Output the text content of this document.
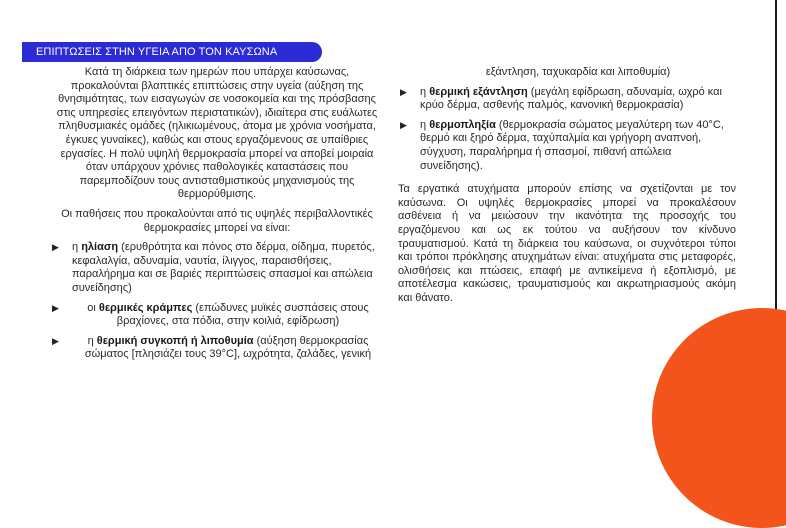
ΕΠΙΠΤΩΣΕΙΣ ΣΤΗΝ ΥΓΕΙΑ ΑΠΟ ΤΟΝ ΚΑΥΣΩΝΑ

Κατά τη διάρκεια των ημερών που υπάρχει καύσωνας, προκαλούνται βλαπτικές επιπτώσεις στην υγεία (αύξηση της θνησιμότητας, των εισαγωγών σε νοσοκομεία και της πρόσβασης στις υπηρεσίες επειγόντων περιστατικών), ιδιαίτερα στις ευάλωτες πληθυσμιακές ομάδες (ηλικιωμένους, άτομα με χρόνια νοσήματα, έγκυες γυναίκες), καθώς και στους εργαζόμενους σε υπαίθριες εργασίες. Η πολύ υψηλή θερμοκρασία μπορεί να αποβεί μοιραία όταν υπάρχουν χρόνιες παθολογικές καταστάσεις που παρεμποδίζουν τους αντισταθμιστικούς μηχανισμούς της θερμορύθμισης.

Οι παθήσεις που προκαλούνται από τις υψηλές περιβαλλοντικές θερμοκρασίες μπορεί να είναι:

▶ η ηλίαση (ερυθρότητα και πόνος στο δέρμα, οίδημα, πυρετός, κεφαλαλγία, αδυναμία, ναυτία, ίλιγγος, παραισθήσεις, παραλήρημα και σε βαριές περιπτώσεις σπασμοί και απώλεια συνείδησης)
▶	οι θερμικές κράμπες (επώδυνες μυϊκές συσπάσεις στους βραχίονες, στα πόδια, στην κοιλιά, εφίδρωση)
▶	η θερμική συγκοπή ή λιποθυμία (αύξηση θερμοκρασίας σώματος [πλησιάζει τους 39°C], ωχρότητα, ζαλάδες, γενική

εξάντληση, ταχυκαρδία και λιποθυμία)

▶ η θερμική εξάντληση (μεγάλη εφίδρωση, αδυναμία, ωχρό και κρύο δέρμα, ασθενής παλμός, κανονική θερμοκρασία)
▶ η θερμοπληξία (θερμοκρασία σώματος μεγαλύτερη των 40°C, θερμό και ξηρό δέρμα, ταχύπαλμία και γρήγορη αναπνοή, σύγχυση, παραλήρημα ή σπασμοί, πιθανή απώλεια συνείδησης).

Τα εργατικά ατυχήματα μπορούν επίσης να σχετίζονται με τον καύσωνα. Οι υψηλές θερμοκρασίες μπορεί να προκαλέσουν ασθένεια ή να μειώσουν την ικανότητα της προσοχής του εργαζόμενου και ως εκ τούτου να αυξήσουν τον κίνδυνο τραυματισμού. Κατά τη διάρκεια του καύσωνα, οι συχνότεροι τύποι και τρόποι πρόκλησης ατυχημάτων είναι: ατυχήματα στις μεταφορές, ολισθήσεις και πτώσεις, επαφή με αντικείμενα ή εξοπλισμό, με αποτέλεσμα κακώσεις, τραυματισμούς και ακρωτηριασμούς ακόμη και θάνατο.
